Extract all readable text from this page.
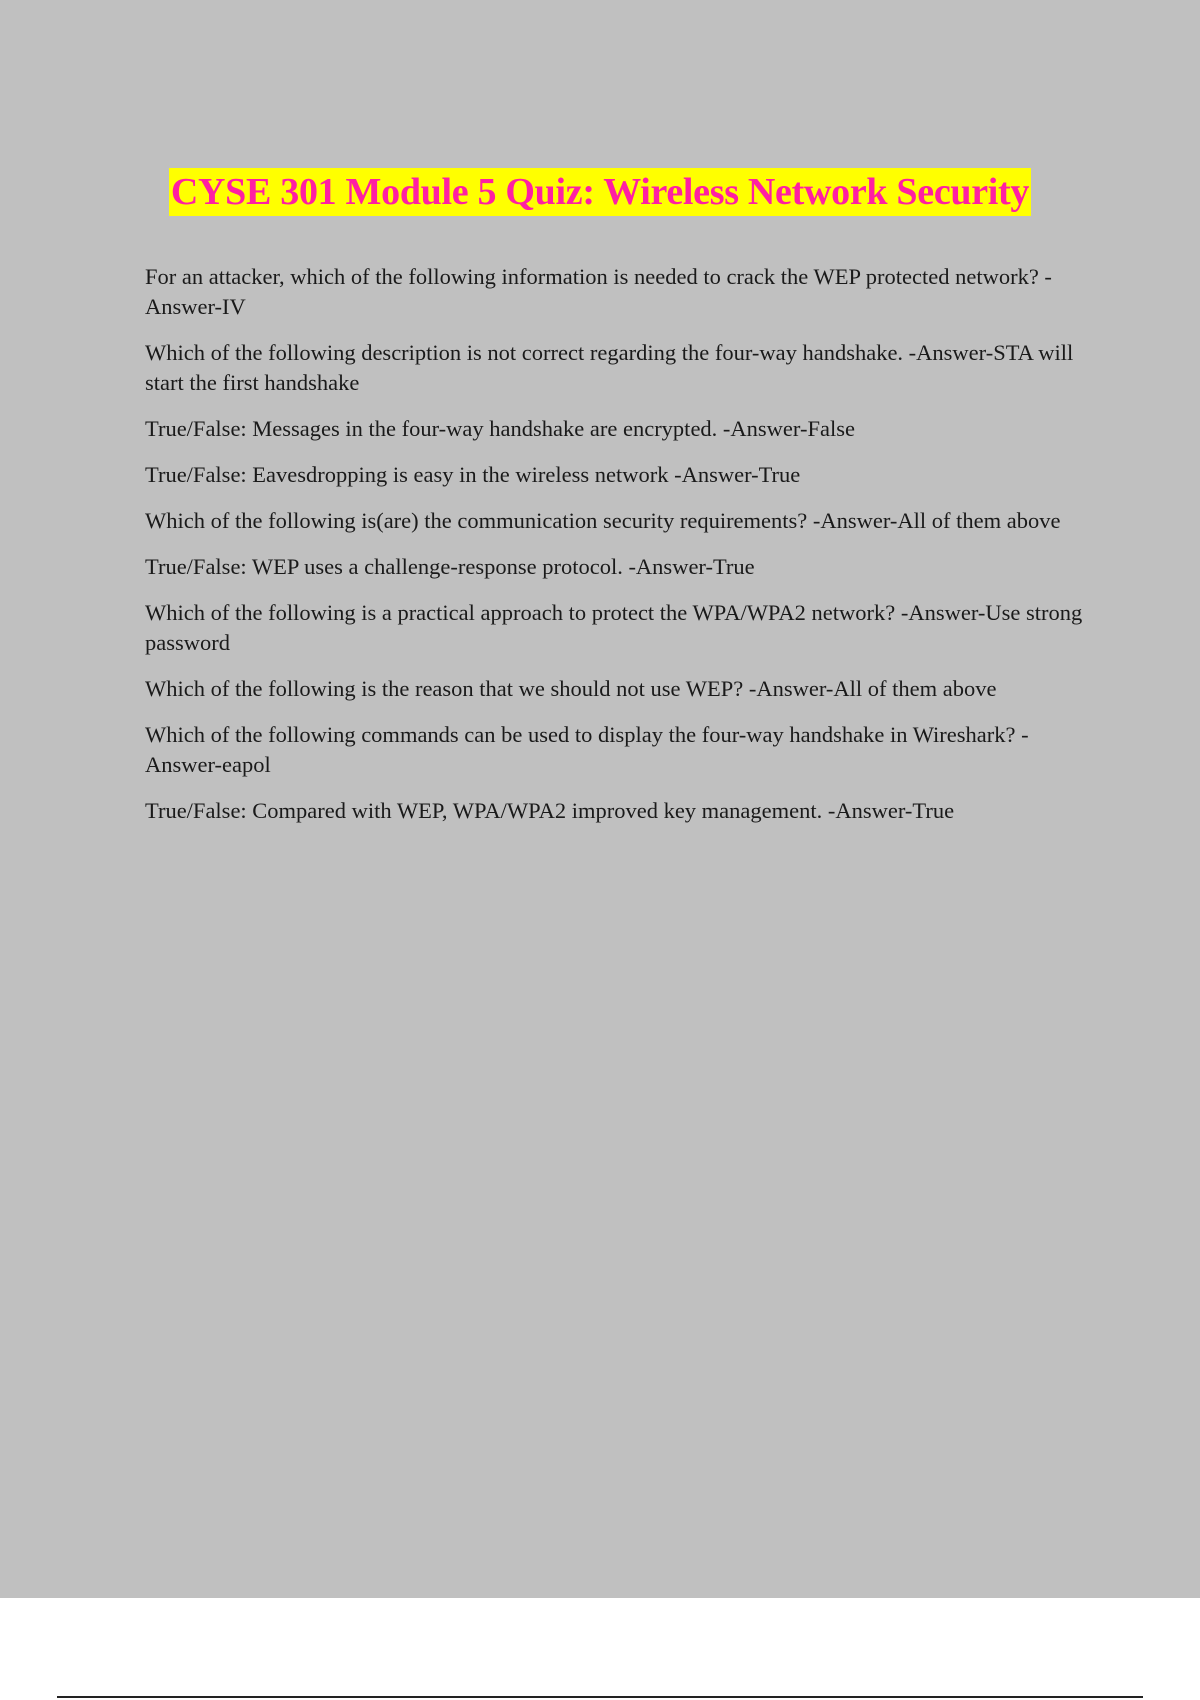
CYSE 301 Module 5 Quiz: Wireless Network Security
For an attacker, which of the following information is needed to crack the WEP protected network? -Answer-IV
Which of the following description is not correct regarding the four-way handshake. -Answer-STA will start the first handshake
True/False: Messages in the four-way handshake are encrypted. -Answer-False
True/False: Eavesdropping is easy in the wireless network -Answer-True
Which of the following is(are) the communication security requirements? -Answer-All of them above
True/False: WEP uses a challenge-response protocol. -Answer-True
Which of the following is a practical approach to protect the WPA/WPA2 network? -Answer-Use strong password
Which of the following is the reason that we should not use WEP? -Answer-All of them above
Which of the following commands can be used to display the four-way handshake in Wireshark? -Answer-eapol
True/False: Compared with WEP, WPA/WPA2 improved key management. -Answer-True
